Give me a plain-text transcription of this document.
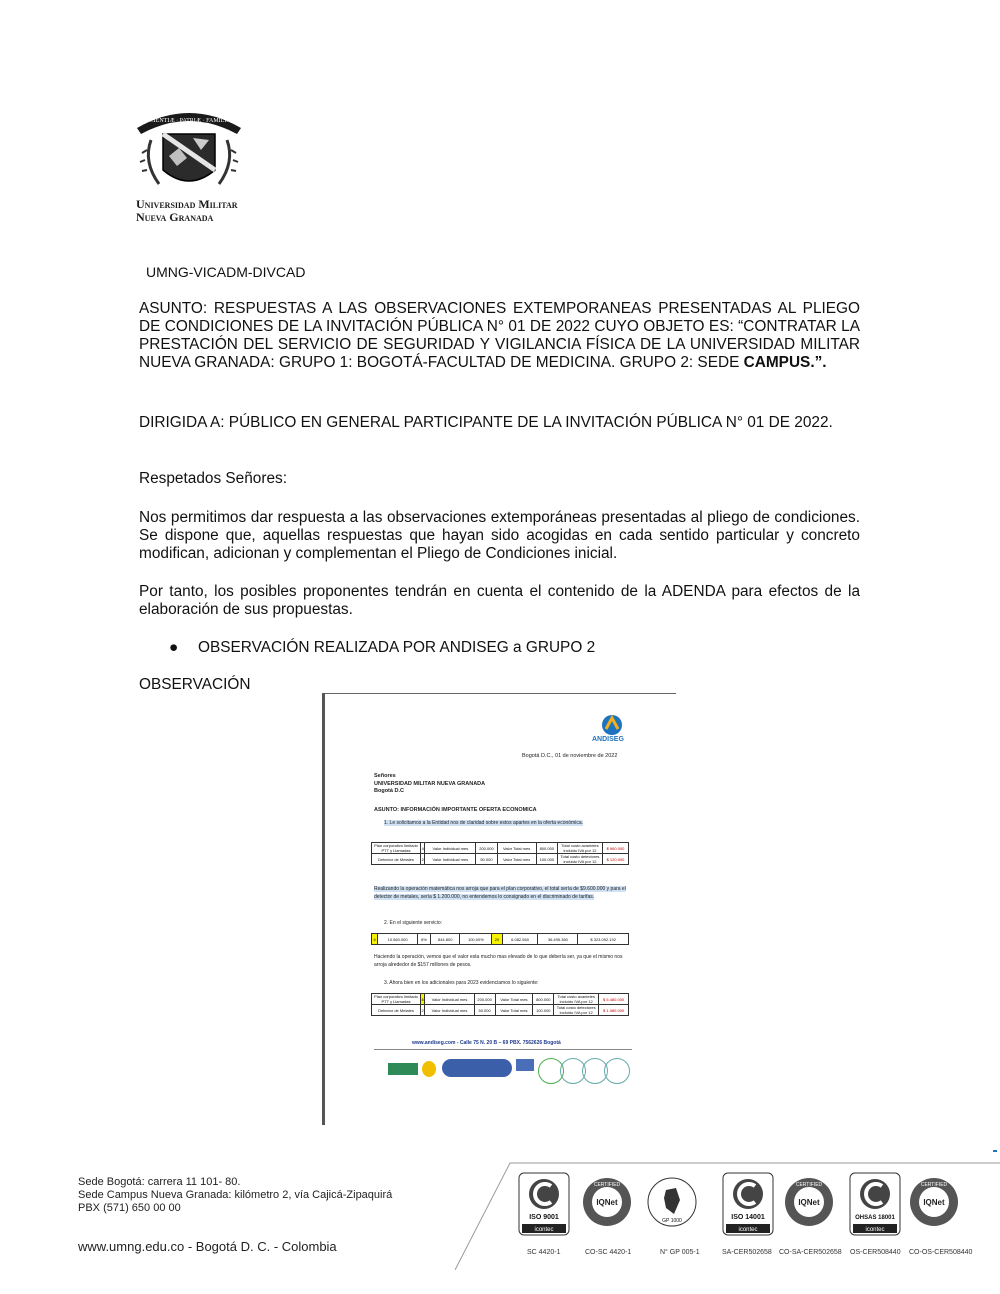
SCIENTIÆ · PATRIÆ · FAMILIÆ
Universidad Militar
Nueva Granada
UMNG-VICADM-DIVCAD
ASUNTO: RESPUESTAS A LAS OBSERVACIONES EXTEMPORANEAS PRESENTADAS AL PLIEGO DE CONDICIONES DE LA INVITACIÓN PÚBLICA N° 01 DE 2022 CUYO OBJETO ES: “CONTRATAR LA PRESTACIÓN DEL SERVICIO DE SEGURIDAD Y VIGILANCIA FÍSICA DE LA UNIVERSIDAD MILITAR NUEVA GRANADA: GRUPO 1: BOGOTÁ-FACULTAD DE MEDICINA. GRUPO 2: SEDE CAMPUS.”.
DIRIGIDA A: PÚBLICO EN GENERAL PARTICIPANTE DE LA INVITACIÓN PÚBLICA N° 01 DE 2022.
Respetados Señores:
Nos permitimos dar respuesta a las observaciones extemporáneas presentadas al pliego de condiciones. Se dispone que, aquellas respuestas que hayan sido acogidas en cada sentido particular y concreto modifican, adicionan y complementan el Pliego de Condiciones inicial.
Por tanto, los posibles proponentes tendrán en cuenta el contenido de la ADENDA para efectos de la elaboración de sus propuestas.
● OBSERVACIÓN REALIZADA POR ANDISEG a GRUPO 2
OBSERVACIÓN
ANDISEG
Bogotá D.C., 01 de noviembre de 2022
Señores
UNIVERSIDAD MILITAR NUEVA GRANADA
Bogotá D.C
ASUNTO: INFORMACIÓN IMPORTANTE OFERTA ECONOMICA
1. Le solicitamos a la Entidad nos de claridad sobre estos apartes en la oferta económica.
Plan corporativo limitado PTT y Llamadas	4	Valor Individual mes	200.000	Valor Total mes	800.000	Total costo avanteles incluido IVA por 12	$ 960.000
Detector de Metales	2	Valor Individual mes	50.000	Valor Total mes	100.000	Total costo detectores incluido IVA por 12	$ 120.000
Realizando la operación matemática nos arroja que para el plan corporativo, el total sería de $9.600.000 y para el detector de metales, sería $ 1.200.000, no entendemos lo consignado en el discriminado de tarifas.
2. En el siguiente servicio:
6	10.560.000	8%	844.800	100,00%	20	6.082.560	36.495.360	$ 323.092.192
Haciendo la operación, vemos que el valor esta mucho mas elevado de lo que debería ser, ya que el mismo nos arroja alrededor de $157 millones de pesos.
3. Ahora bien en los adicionales para 2023 evidenciamos lo siguiente:
Plan corporativo limitado PTT y Llamadas	8	Valor Individual mes	200.000	Valor Total mes	800.000	Total costo avanteles incluido IVA por 12	$ 6.480.000
Detector de Metales	2	Valor Individual mes	50.000	Valor Total mes	100.000	Total costo detectores incluido IVA por 12	$ 1.080.000
www.andiseg.com - Calle 75 N. 20 B – 69 PBX. 7562626 Bogotá
Sede Bogotá: carrera 11 101- 80.
Sede Campus Nueva Granada: kilómetro 2, vía Cajicá-Zipaquirá
PBX (571) 650 00 00
www.umng.edu.co - Bogotá D. C. - Colombia
ISO 9001
icontec
CERTIFIED
IQNet
GP 1000	ISO 14001
icontec
CERTIFIED
IQNet
OHSAS 18001
icontec
CERTIFIED
IQNet
SC 4420-1	CO-SC 4420-1	N° GP 005-1	SA-CER502658 CO-SA-CER502658 OS-CER508440 CO-OS-CER508440
